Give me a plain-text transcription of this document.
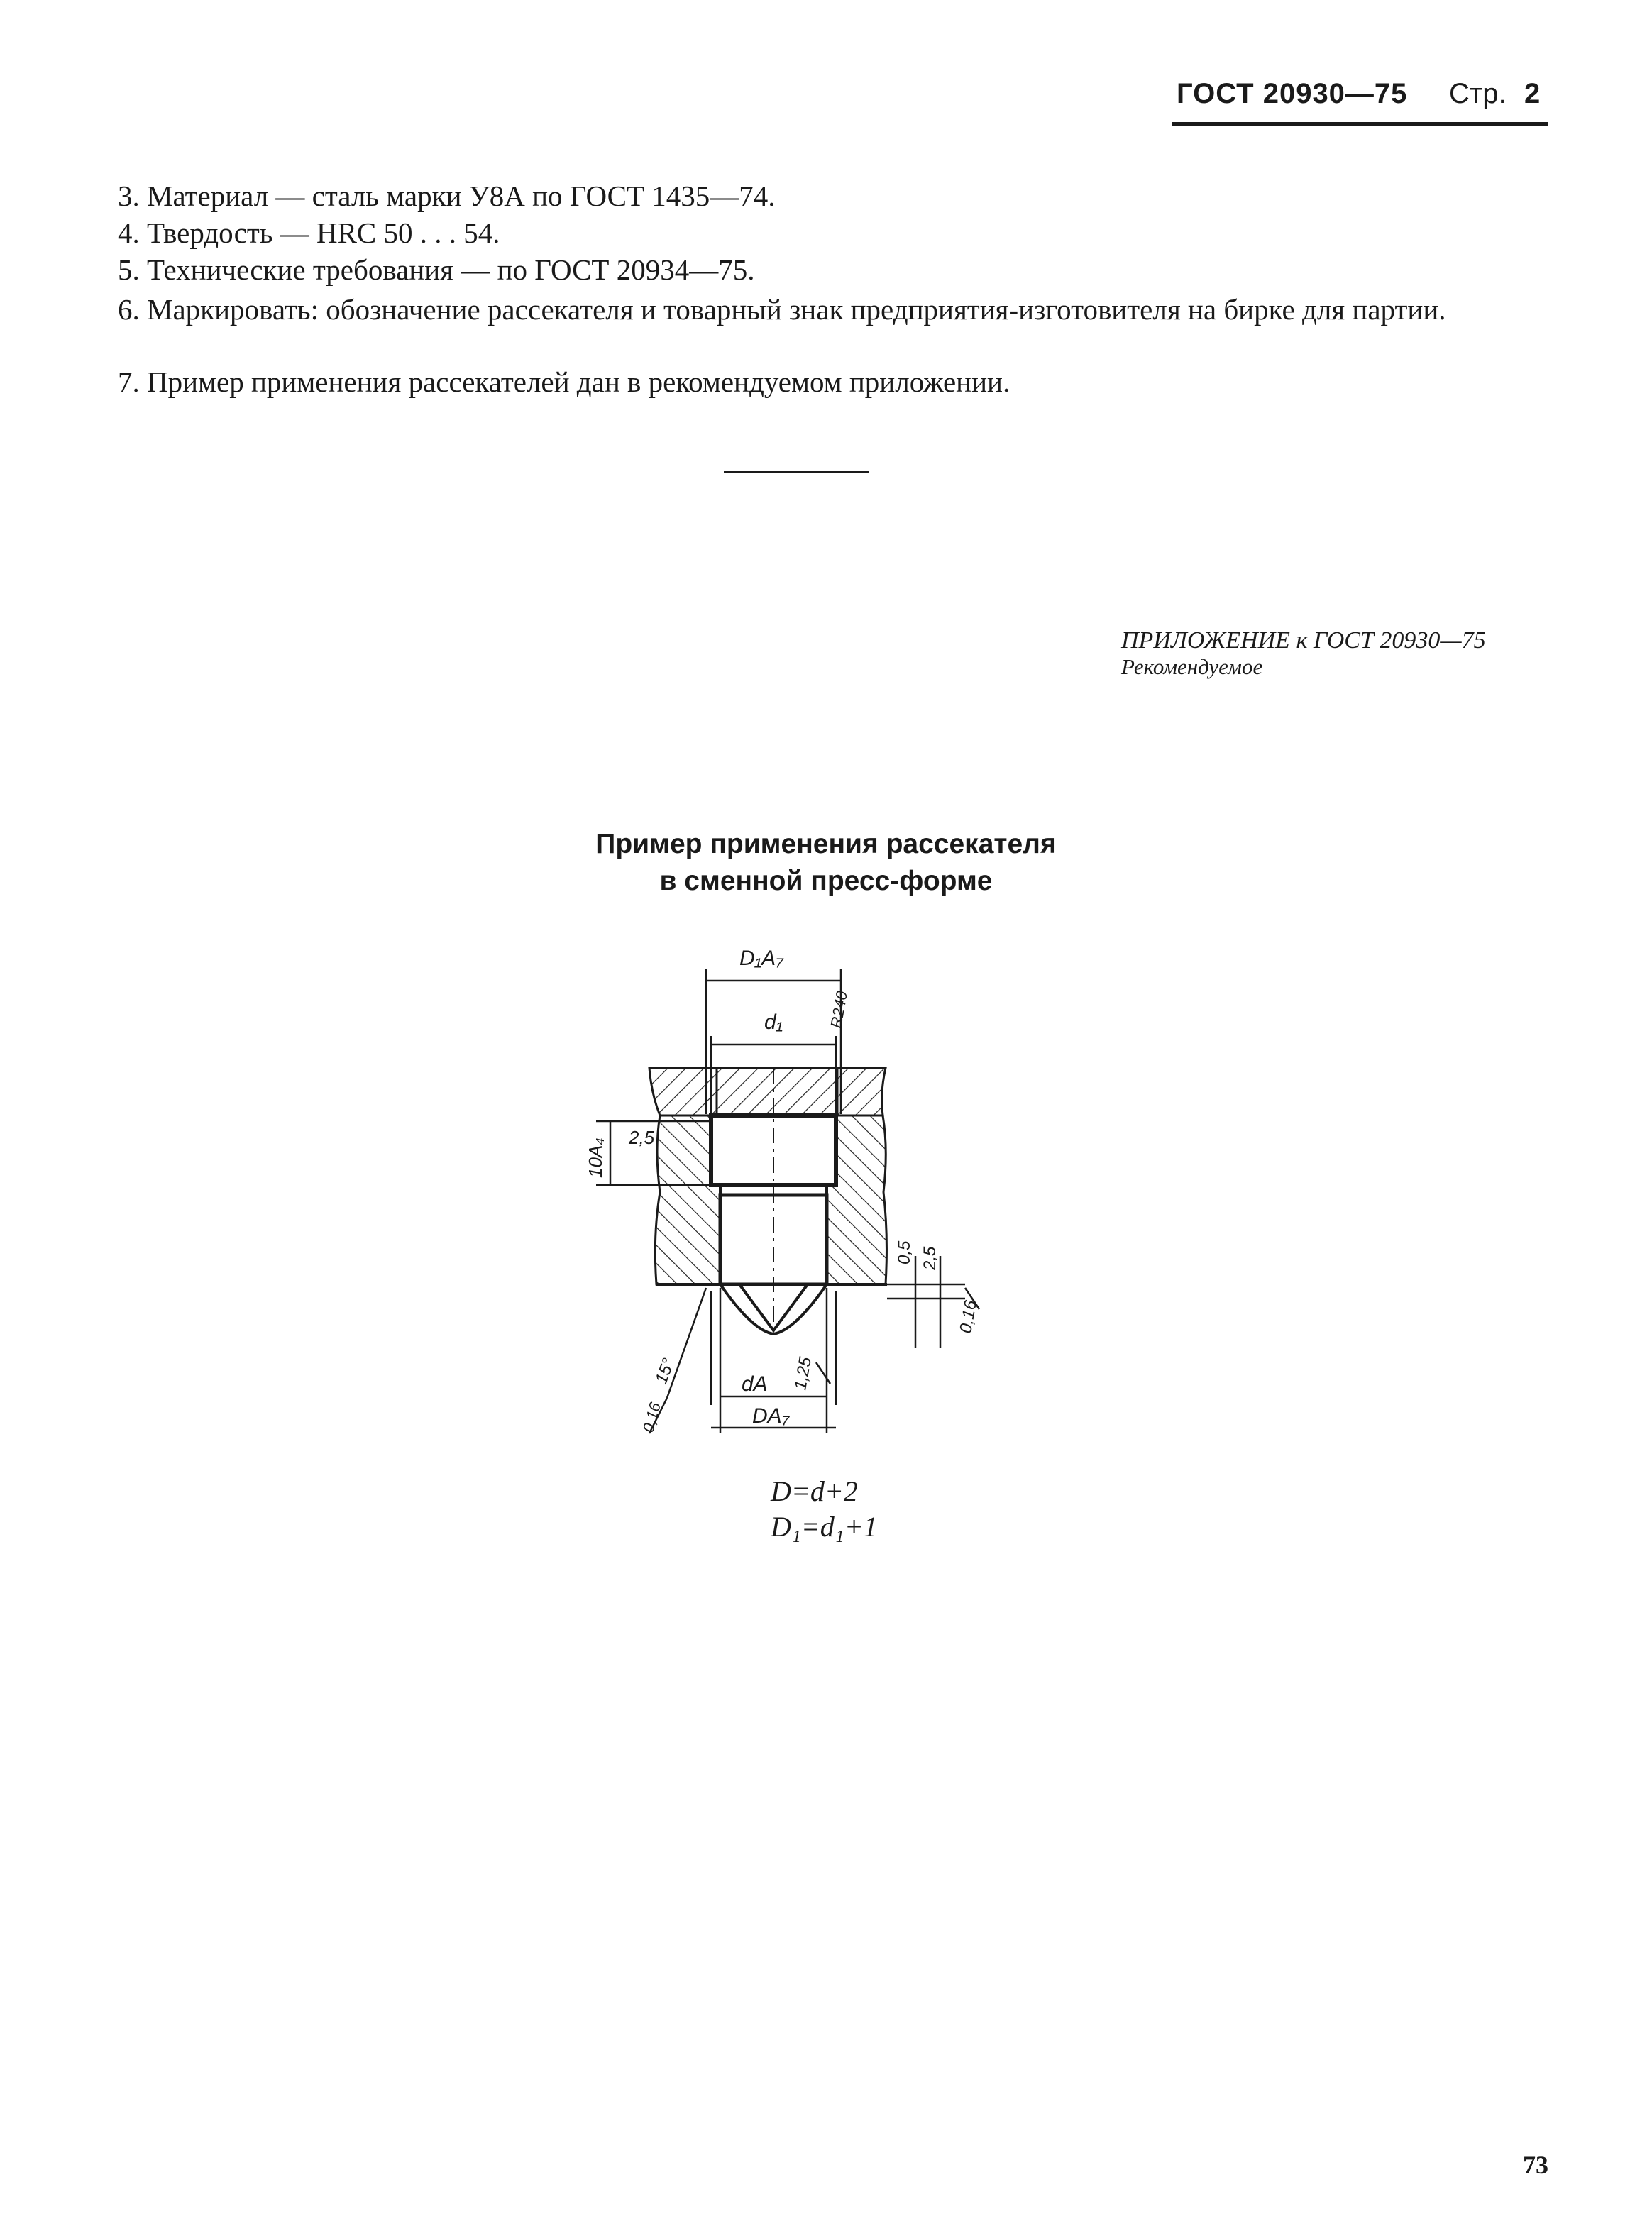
ГОСТ 20930—75 Стр. 2
3. Материал — сталь марки У8А по ГОСТ 1435—74.
4. Твердость — HRC 50 . . . 54.
5. Технические требования — по ГОСТ 20934—75.
6. Маркировать: обозначение рассекателя и товарный знак предприятия-изготовителя на бирке для партии.
7. Пример применения рассекателей дан в рекомендуемом приложении.
ПРИЛОЖЕНИЕ к ГОСТ 20930—75
Рекомендуемое
Пример применения рассекателя
в сменной пресс-форме
D₁A₇
d₁	R240
10A₄
2,5
0,5 2,5
0,16
15°
0,16
dA 1,25
DA₇
D=d+2
D₁=d₁+1
73
